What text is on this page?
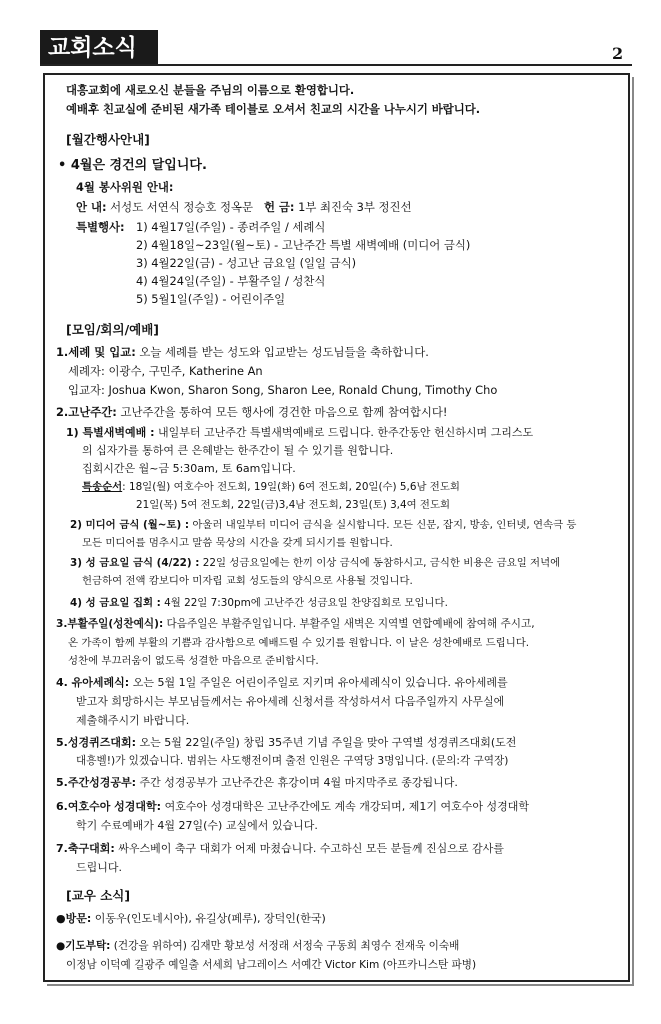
교회소식	2
대흥교회에 새로오신 분들을 주님의 이름으로 환영합니다.
예배후 친교실에 준비된 새가족 테이블로 오셔서 친교의 시간을 나누시기 바랍니다.
[월간행사안내]
• 4월은 경건의 달입니다.
4월 봉사위원 안내:
안 내: 서성도 서연식 정승호 정옥문 헌 금: 1부 최진숙 3부 정진선
특별행사: 1) 4월17일(주일) - 종려주일 / 세례식
2) 4월18일~23일(월~토) - 고난주간 특별 새벽예배 (미디어 금식)
3) 4월22일(금) - 성고난 금요일 (일일 금식)
4) 4월24일(주일) - 부활주일 / 성찬식
5) 5월1일(주일) - 어린이주일
[모임/회의/예배]
1.세례 및 입교: 오늘 세례를 받는 성도와 입교받는 성도님들을 축하합니다.
세례자: 이광수, 구민주, Katherine An
입교자: Joshua Kwon, Sharon Song, Sharon Lee, Ronald Chung, Timothy Cho
2.고난주간: 고난주간을 통하여 모든 행사에 경건한 마음으로 함께 참여합시다!
1) 특별새벽예배 : 내일부터 고난주간 특별새벽예배로 드립니다. 한주간동안 헌신하시며 그리스도
의 십자가를 통하여 큰 은혜받는 한주간이 될 수 있기를 원합니다.
집회시간은 월~금 5:30am, 토 6am입니다.
특송순서: 18일(월) 여호수아 전도회, 19일(화) 6여 전도회, 20일(수) 5,6남 전도회
21일(목) 5여 전도회, 22일(금)3,4남 전도회, 23일(토) 3,4여 전도회
2) 미디어 금식 (월~토) : 아울러 내일부터 미디어 금식을 실시합니다. 모든 신문, 잡지, 방송, 인터넷, 연속극 등
모든 미디어를 멈추시고 말씀 묵상의 시간을 갖게 되시기를 원합니다.
3) 성 금요일 금식 (4/22) : 22일 성금요일에는 한끼 이상 금식에 동참하시고, 금식한 비용은 금요일 저녁에
헌금하여 전액 캄보디아 미자립 교회 성도들의 양식으로 사용될 것입니다.
4) 성 금요일 집회 : 4월 22일 7:30pm에 고난주간 성금요일 찬양집회로 모입니다.
3.부활주일(성찬예식): 다음주일은 부활주일입니다. 부활주일 새벽은 지역별 연합예배에 참여해 주시고,
온 가족이 함께 부활의 기쁨과 감사함으로 예배드릴 수 있기를 원합니다. 이 날은 성찬예배로 드립니다.
성찬에 부끄러움이 없도록 성결한 마음으로 준비합시다.
4. 유아세례식: 오는 5월 1일 주일은 어린이주일로 지키며 유아세례식이 있습니다. 유아세례를
받고자 희망하시는 부모님들께서는 유아세례 신청서를 작성하셔서 다음주일까지 사무실에
제출해주시기 바랍니다.
5.성경퀴즈대회: 오는 5월 22일(주일) 창립 35주년 기념 주일을 맞아 구역별 성경퀴즈대회(도전
대흥벨!)가 있겠습니다. 범위는 사도행전이며 출전 인원은 구역당 3명입니다. (문의:각 구역장)
5.주간성경공부: 주간 성경공부가 고난주간은 휴강이며 4월 마지막주로 종강됩니다.
6.여호수아 성경대학: 여호수아 성경대학은 고난주간에도 계속 개강되며, 제1기 여호수아 성경대학
학기 수료예배가 4월 27일(수) 교실에서 있습니다.
7.축구대회: 싸우스베이 축구 대회가 어제 마쳤습니다. 수고하신 모든 분들께 진심으로 감사를
드립니다.
[교우 소식]
●방문: 이동우(인도네시아), 유길상(페루), 장덕인(한국)
●기도부탁: (건강을 위하여) 김재만 황보성 서정래 서정숙 구동희 최영수 전재욱 이숙배
이정남 이덕예 길광주 예일출 서세희 남그레이스 서예간 Victor Kim (아프카니스탄 파병)
